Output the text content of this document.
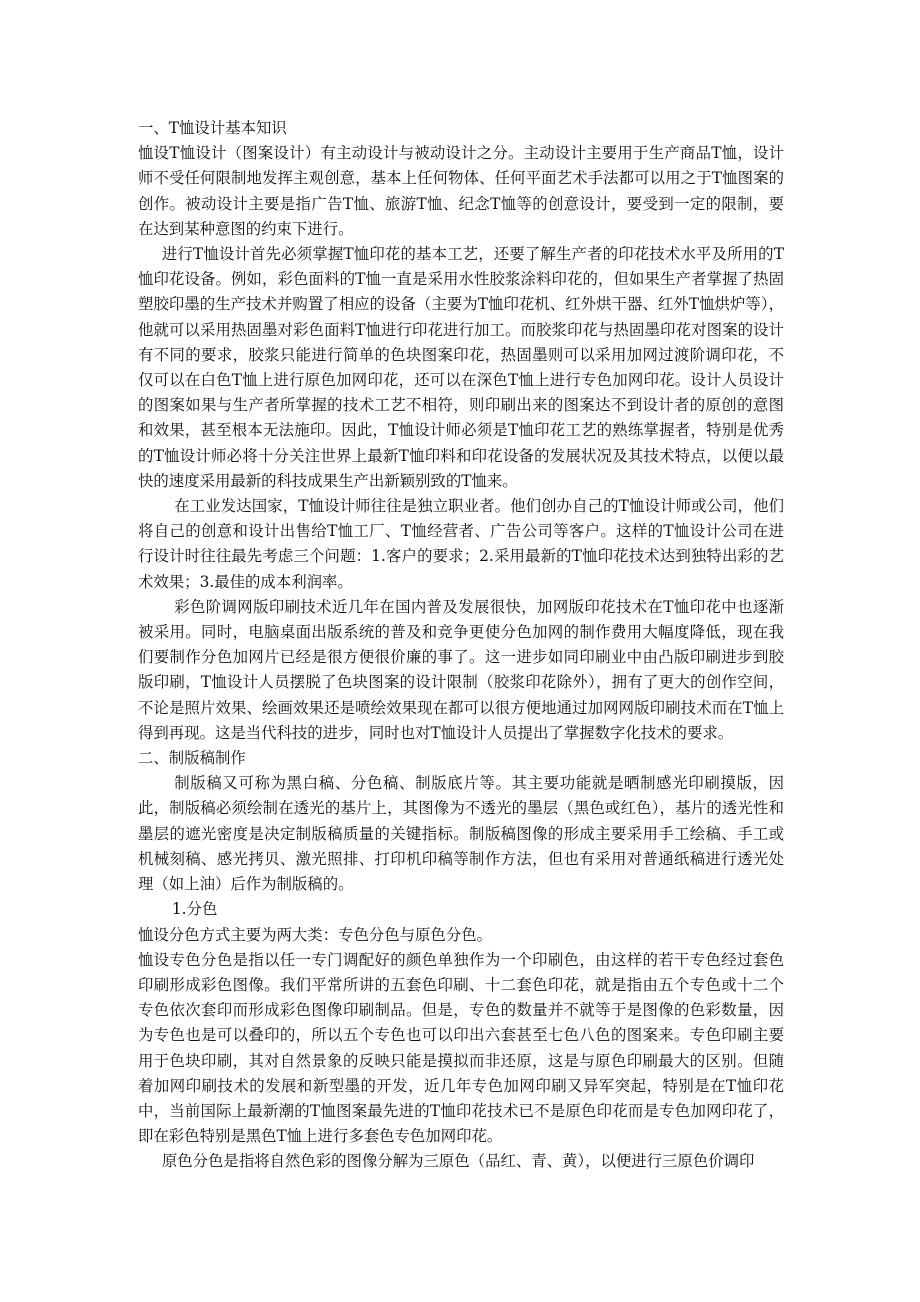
一、T恤设计基本知识

恤设T恤设计（图案设计）有主动设计与被动设计之分。主动设计主要用于生产商品T恤，设计师不受任何限制地发挥主观创意，基本上任何物体、任何平面艺术手法都可以用之于T恤图案的创作。被动设计主要是指广告T恤、旅游T恤、纪念T恤等的创意设计，要受到一定的限制，要在达到某种意图的约束下进行。

进行T恤设计首先必须掌握T恤印花的基本工艺，还要了解生产者的印花技术水平及所用的T恤印花设备。例如，彩色面料的T恤一直是采用水性胶浆涂料印花的，但如果生产者掌握了热固塑胶印墨的生产技术并购置了相应的设备（主要为T恤印花机、红外烘干器、红外T恤烘炉等），他就可以采用热固墨对彩色面料T恤进行印花进行加工。而胶浆印花与热固墨印花对图案的设计有不同的要求，胶浆只能进行简单的色块图案印花，热固墨则可以采用加网过渡阶调印花，不仅可以在白色T恤上进行原色加网印花，还可以在深色T恤上进行专色加网印花。设计人员设计的图案如果与生产者所掌握的技术工艺不相符，则印刷出来的图案达不到设计者的原创的意图和效果，甚至根本无法施印。因此，T恤设计师必须是T恤印花工艺的熟练掌握者，特别是优秀的T恤设计师必将十分关注世界上最新T恤印料和印花设备的发展状况及其技术特点，以便以最快的速度采用最新的科技成果生产出新颖别致的T恤来。

在工业发达国家，T恤设计师往往是独立职业者。他们创办自己的T恤设计师或公司，他们将自己的创意和设计出售给T恤工厂、T恤经营者、广告公司等客户。这样的T恤设计公司在进行设计时往往最先考虑三个问题：1.客户的要求；2.采用最新的T恤印花技术达到独特出彩的艺术效果；3.最佳的成本利润率。

彩色阶调网版印刷技术近几年在国内普及发展很快，加网版印花技术在T恤印花中也逐渐被采用。同时，电脑桌面出版系统的普及和竞争更使分色加网的制作费用大幅度降低，现在我们要制作分色加网片已经是很方便很价廉的事了。这一进步如同印刷业中由凸版印刷进步到胶版印刷，T恤设计人员摆脱了色块图案的设计限制（胶浆印花除外），拥有了更大的创作空间，不论是照片效果、绘画效果还是喷绘效果现在都可以很方便地通过加网网版印刷技术而在T恤上得到再现。这是当代科技的进步，同时也对T恤设计人员提出了掌握数字化技术的要求。

二、制版稿制作

制版稿又可称为黑白稿、分色稿、制版底片等。其主要功能就是晒制感光印刷摸版，因此，制版稿必须绘制在透光的基片上，其图像为不透光的墨层（黑色或红色），基片的透光性和墨层的遮光密度是决定制版稿质量的关键指标。制版稿图像的形成主要采用手工绘稿、手工或机械刻稿、感光拷贝、激光照排、打印机印稿等制作方法，但也有采用对普通纸稿进行透光处理（如上油）后作为制版稿的。

1.分色

恤设分色方式主要为两大类：专色分色与原色分色。

恤设专色分色是指以任一专门调配好的颜色单独作为一个印刷色，由这样的若干专色经过套色印刷形成彩色图像。我们平常所讲的五套色印刷、十二套色印花，就是指由五个专色或十二个专色依次套印而形成彩色图像印刷制品。但是，专色的数量并不就等于是图像的色彩数量，因为专色也是可以叠印的，所以五个专色也可以印出六套甚至七色八色的图案来。专色印刷主要用于色块印刷，其对自然景象的反映只能是摸拟而非还原，这是与原色印刷最大的区别。但随着加网印刷技术的发展和新型墨的开发，近几年专色加网印刷又异军突起，特别是在T恤印花中，当前国际上最新潮的T恤图案最先进的T恤印花技术已不是原色印花而是专色加网印花了，即在彩色特别是黑色T恤上进行多套色专色加网印花。

原色分色是指将自然色彩的图像分解为三原色（品红、青、黄），以便进行三原色价调印
